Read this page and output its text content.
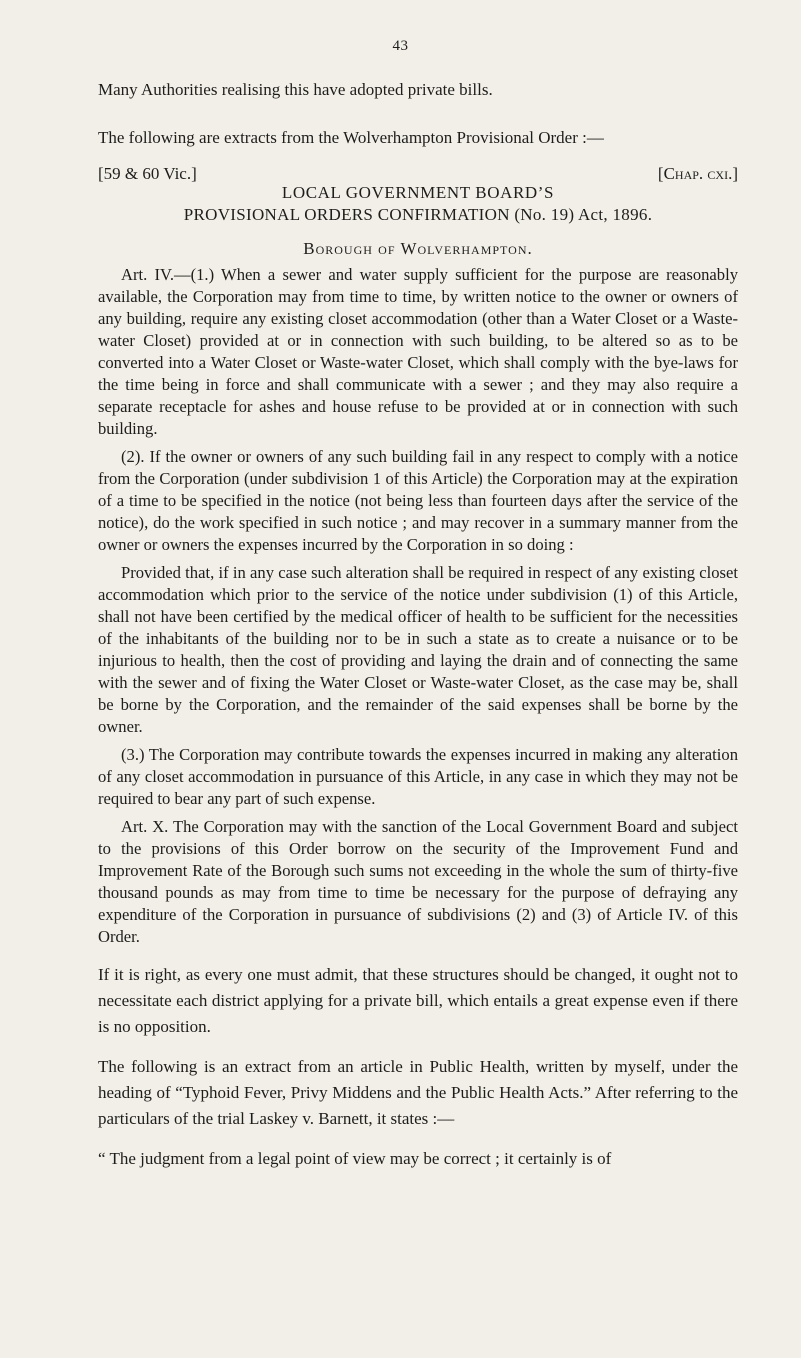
43

Many Authorities realising this have adopted private bills.

The following are extracts from the Wolverhampton Provisional Order :—

[59 & 60 Vic.]	[Chap. cxi.]

LOCAL GOVERNMENT BOARD’S

PROVISIONAL ORDERS CONFIRMATION (No. 19) Act, 1896.

Borough of Wolverhampton.

Art. IV.—(1.) When a sewer and water supply sufficient for the purpose are reasonably available, the Corporation may from time to time, by written notice to the owner or owners of any building, require any existing closet accommodation (other than a Water Closet or a Waste-water Closet) provided at or in connection with such building, to be altered so as to be converted into a Water Closet or Waste-water Closet, which shall comply with the bye-laws for the time being in force and shall communicate with a sewer ; and they may also require a separate receptacle for ashes and house refuse to be provided at or in connection with such building.

(2). If the owner or owners of any such building fail in any respect to comply with a notice from the Corporation (under subdivision 1 of this Article) the Corporation may at the expiration of a time to be specified in the notice (not being less than fourteen days after the service of the notice), do the work specified in such notice ; and may recover in a summary manner from the owner or owners the expenses incurred by the Corporation in so doing :

Provided that, if in any case such alteration shall be required in respect of any existing closet accommodation which prior to the service of the notice under subdivision (1) of this Article, shall not have been certified by the medical officer of health to be sufficient for the necessities of the inhabitants of the building nor to be in such a state as to create a nuisance or to be injurious to health, then the cost of providing and laying the drain and of connecting the same with the sewer and of fixing the Water Closet or Waste-water Closet, as the case may be, shall be borne by the Corporation, and the remainder of the said expenses shall be borne by the owner.

(3.) The Corporation may contribute towards the expenses incurred in making any alteration of any closet accommodation in pursuance of this Article, in any case in which they may not be required to bear any part of such expense.

Art. X. The Corporation may with the sanction of the Local Government Board and subject to the provisions of this Order borrow on the security of the Improvement Fund and Improvement Rate of the Borough such sums not exceeding in the whole the sum of thirty-five thousand pounds as may from time to time be necessary for the purpose of defraying any expenditure of the Corporation in pursuance of subdivisions (2) and (3) of Article IV. of this Order.

If it is right, as every one must admit, that these structures should be changed, it ought not to necessitate each district applying for a private bill, which entails a great expense even if there is no opposition.

The following is an extract from an article in Public Health, written by myself, under the heading of “Typhoid Fever, Privy Middens and the Public Health Acts.” After referring to the particulars of the trial Laskey v. Barnett, it states :—

“ The judgment from a legal point of view may be correct ; it certainly is of
